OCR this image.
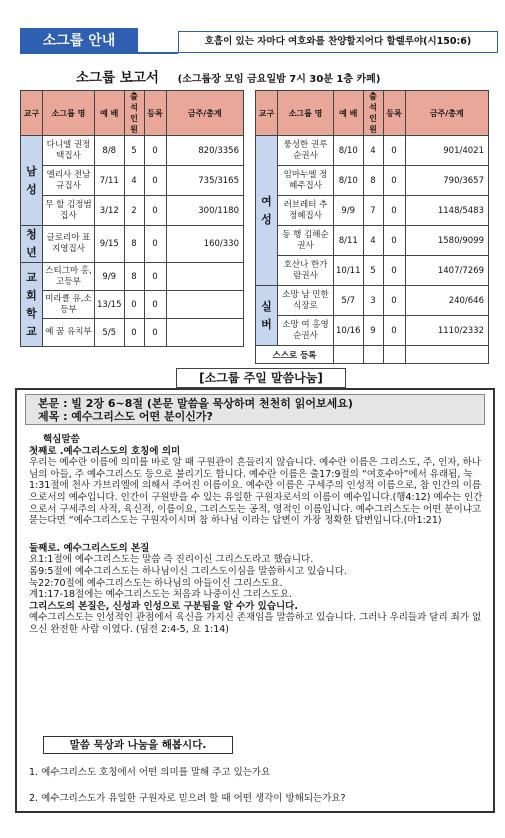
소그룹 안내	호흡이 있는 자마다 여호와를 찬양할지어다 할렐루야(시150:6)
소그룹 보고서 (소그룹장 모임 금요일밤 7시 30분 1층 카페)
교구	소그룹 명	예 배	출석 인원	등록	금주/총계
남성	다니엘 권정택집사	8/8	5	0	820/3356
	엘리사 전남규집사	7/11	4	0	735/3165
	무 할 김정범집사	3/12	2	0	300/1180
청년	글로리아 표지영집사	9/15	8	0	160/330
교회학교	스티그마 홍, 고등부	9/9	8	0	
	미라클 유,소등부	13/15	0	0	
	예 꿈 유치부	5/5	0	0	
교구	소그룹 명	예 배	출석 인원	등록	금주/총계
여성	풍성한 권루순권사	8/10	4	0	901/4021
	임마누엘 정혜주집사	8/10	8	0	790/3657
	러브레터 추정혜집사	9/9	7	0	1148/5483
	동 행 김해순권사	8/11	4	0	1580/9099
	호산나 한가람권사	10/11	5	0	1407/7269
실버	소망 남 민한식장로	5/7	3	0	240/646
	소망 여 홍영순권사	10/16	9	0	1110/2332
스스로 등록					
[소그룹 주일 말씀나눔]
본문 : 빌 2장 6~8절 (본문 말씀을 묵상하며 천천히 읽어보세요)
제목 : 예수그리스도 어떤 분이신가?

핵심말씀

첫째로 .예수그리스도의 호칭에 의미

우리는 예수란 이름에 의미를 바로 알 때 구원관이 흔들리지 않습니다. 예수란 이름은 그리스도, 주, 인자, 하나님의 아들, 주 예수그리스도 등으로 불리기도 합니다. 예수란 이름은 출17:9절의 “여호수아”에서 유래됨, 눅1:31절에 천사 가브리엘에 의해서 주어진 이름이요. 예수란 이름은 구세주의 인성적 이름으로, 참 인간의 이름으로서의 예수입니다. 인간이 구원받을 수 있는 유일한 구원자로서의 이름이 예수입니다.(행4:12) 예수는 인간으로서 구세주의 사적, 육신적, 이름이요, 그리스도는 공적, 영적인 이름입니다. 예수그리스도는 어떤 분이냐고 묻는다면 “예수그리스도는 구원자이시며 참 하나님 이라는 답변이 가장 정확한 답변입니다.(마1:21)

둘째로. 예수그리스도의 본질

요1:1절에 예수그리스도는 말씀 즉 진리이신 그리스도라고 했습니다.

롬9:5절에 예수그리스도는 하나님이신 그리스도이심을 말씀하시고 있습니다.

눅22:70절에 예수그리스도는 하나님의 아들이신 그리스도요.

계1:17-18절에는 예수그리스도는 처음과 나중이신 그리스도요.

그리스도의 본질은, 신성과 인성으로 구분됨을 알 수가 있습니다.

예수그리스도는 인성적인 관점에서 육신을 가지신 존재임을 말씀하고 있습니다. 그러나 우리들과 달리 죄가 없으신 완전한 사람 이였다. (딤전 2:4-5, 요 1:14)

말씀 묵상과 나눔을 해봅시다.
1. 예수그리스도 호칭에서 어떤 의미를 말해 주고 있는가요
2. 예수그리스도가 유일한 구원자로 믿으려 할 때 어떤 생각이 방해되는가요?
